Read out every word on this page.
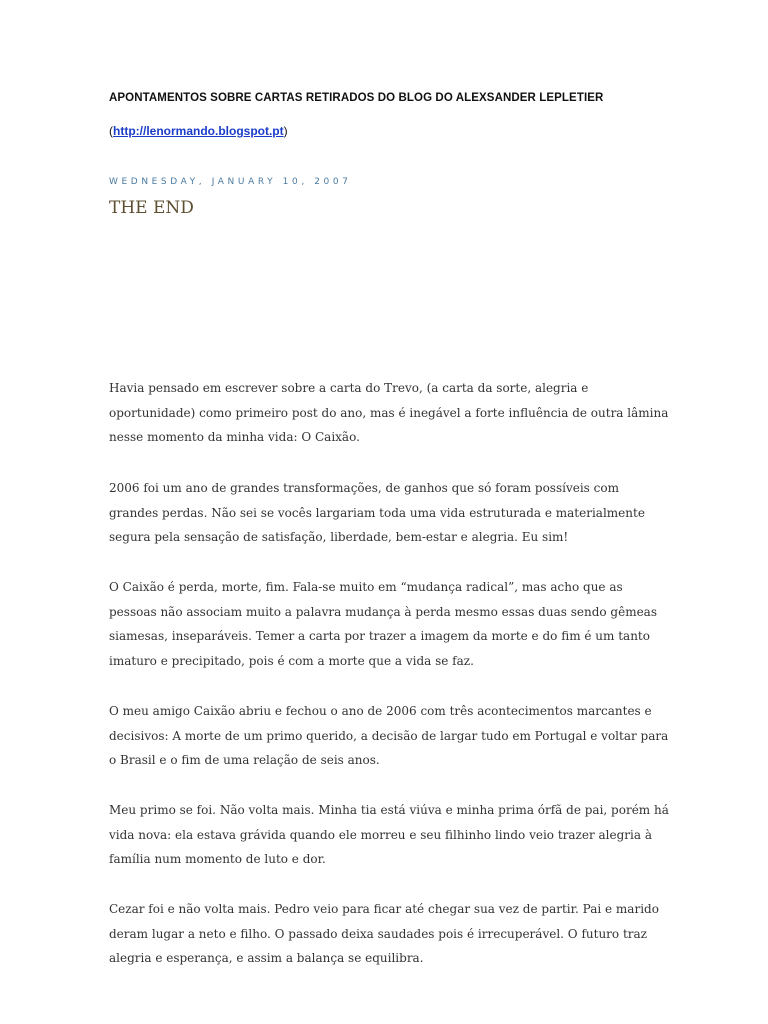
APONTAMENTOS SOBRE CARTAS RETIRADOS DO BLOG DO ALEXSANDER LEPLETIER
(http://lenormando.blogspot.pt)
WEDNESDAY, JANUARY 10, 2007
THE END

Havia pensado em escrever sobre a carta do Trevo, (a carta da sorte, alegria e oportunidade) como primeiro post do ano, mas é inegável a forte influência de outra lâmina nesse momento da minha vida: O Caixão.

2006 foi um ano de grandes transformações, de ganhos que só foram possíveis com grandes perdas. Não sei se vocês largariam toda uma vida estruturada e materialmente segura pela sensação de satisfação, liberdade, bem-estar e alegria. Eu sim!

O Caixão é perda, morte, fim. Fala-se muito em “mudança radical”, mas acho que as pessoas não associam muito a palavra mudança à perda mesmo essas duas sendo gêmeas siamesas, inseparáveis. Temer a carta por trazer a imagem da morte e do fim é um tanto imaturo e precipitado, pois é com a morte que a vida se faz.

O meu amigo Caixão abriu e fechou o ano de 2006 com três acontecimentos marcantes e decisivos: A morte de um primo querido, a decisão de largar tudo em Portugal e voltar para o Brasil e o fim de uma relação de seis anos.

Meu primo se foi. Não volta mais. Minha tia está viúva e minha prima órfã de pai, porém há vida nova: ela estava grávida quando ele morreu e seu filhinho lindo veio trazer alegria à família num momento de luto e dor.

Cezar foi e não volta mais. Pedro veio para ficar até chegar sua vez de partir. Pai e marido deram lugar a neto e filho. O passado deixa saudades pois é irrecuperável. O futuro traz alegria e esperança, e assim a balança se equilibra.
